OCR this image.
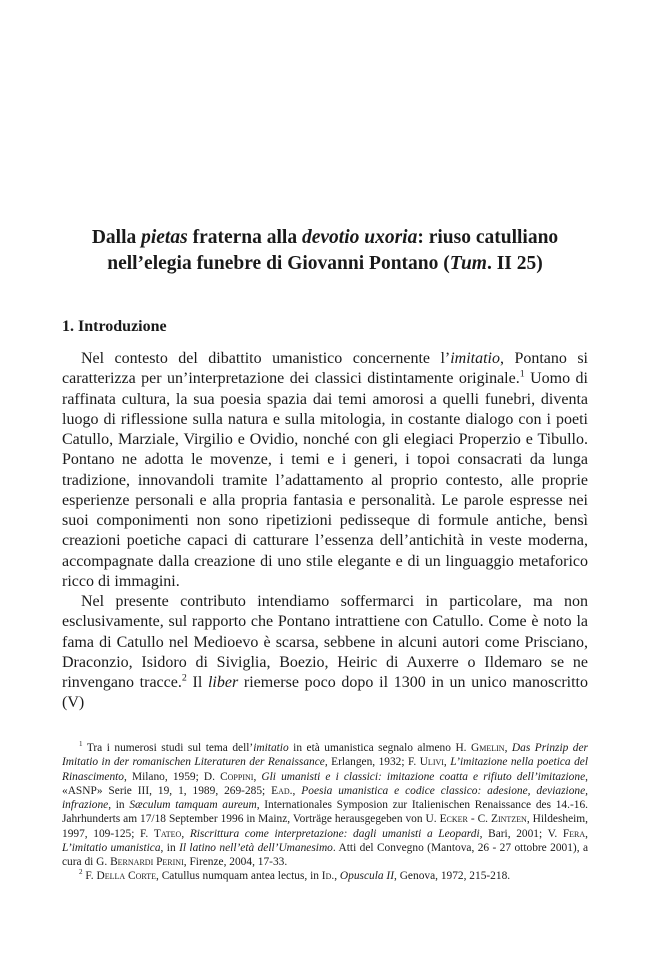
Dalla pietas fraterna alla devotio uxoria: riuso catulliano
nell’elegia funebre di Giovanni Pontano (Tum. II 25)
1. Introduzione

Nel contesto del dibattito umanistico concernente l’imitatio, Pontano si caratterizza per un’interpretazione dei classici distintamente originale.$^1$ Uomo di raffinata cultura, la sua poesia spazia dai temi amorosi a quelli funebri, diventa luogo di riflessione sulla natura e sulla mitologia, in costante dialogo con i poeti Catullo, Marziale, Virgilio e Ovidio, nonché con gli elegiaci Properzio e Tibullo. Pontano ne adotta le movenze, i temi e i generi, i topoi consacrati da lunga tradizione, innovandoli tramite l’adattamento al proprio contesto, alle proprie esperienze personali e alla propria fantasia e personalità. Le parole espresse nei suoi componimenti non sono ripetizioni pedisseque di formule antiche, bensì creazioni poetiche capaci di catturare l’essenza dell’antichità in veste moderna, accompagnate dalla creazione di uno stile elegante e di un linguaggio metaforico ricco di immagini.

Nel presente contributo intendiamo soffermarci in particolare, ma non esclusivamente, sul rapporto che Pontano intrattiene con Catullo. Come è noto la fama di Catullo nel Medioevo è scarsa, sebbene in alcuni autori come Prisciano, Draconzio, Isidoro di Siviglia, Boezio, Heiric di Auxerre o Ildemaro se ne rinvengano tracce.$^2$ Il liber riemerse poco dopo il 1300 in un unico manoscritto (V)

$^1$ Tra i numerosi studi sul tema dell’imitatio in età umanistica segnalo almeno H. Gmelin, Das Prinzip der Imitatio in der romanischen Literaturen der Renaissance, Erlangen, 1932; F. Ulivi, L’imitazione nella poetica del Rinascimento, Milano, 1959; D. Coppini, Gli umanisti e i classici: imitazione coatta e rifiuto dell’imitazione, «ASNP» Serie III, 19, 1, 1989, 269-285; Ead., Poesia umanistica e codice classico: adesione, deviazione, infrazione, in Sæculum tamquam aureum, Internationales Symposion zur Italienischen Renaissance des 14.-16. Jahrhunderts am 17/18 September 1996 in Mainz, Vorträge herausgegeben von U. Ecker - C. Zintzen, Hildesheim, 1997, 109-125; F. Tateo, Riscrittura come interpretazione: dagli umanisti a Leopardi, Bari, 2001; V. Fera, L’imitatio umanistica, in Il latino nell’età dell’Umanesimo. Atti del Convegno (Mantova, 26 - 27 ottobre 2001), a cura di G. Bernardi Perini, Firenze, 2004, 17-33.

$^2$ F. Della Corte, Catullus numquam antea lectus, in Id., Opuscula II, Genova, 1972, 215-218.
